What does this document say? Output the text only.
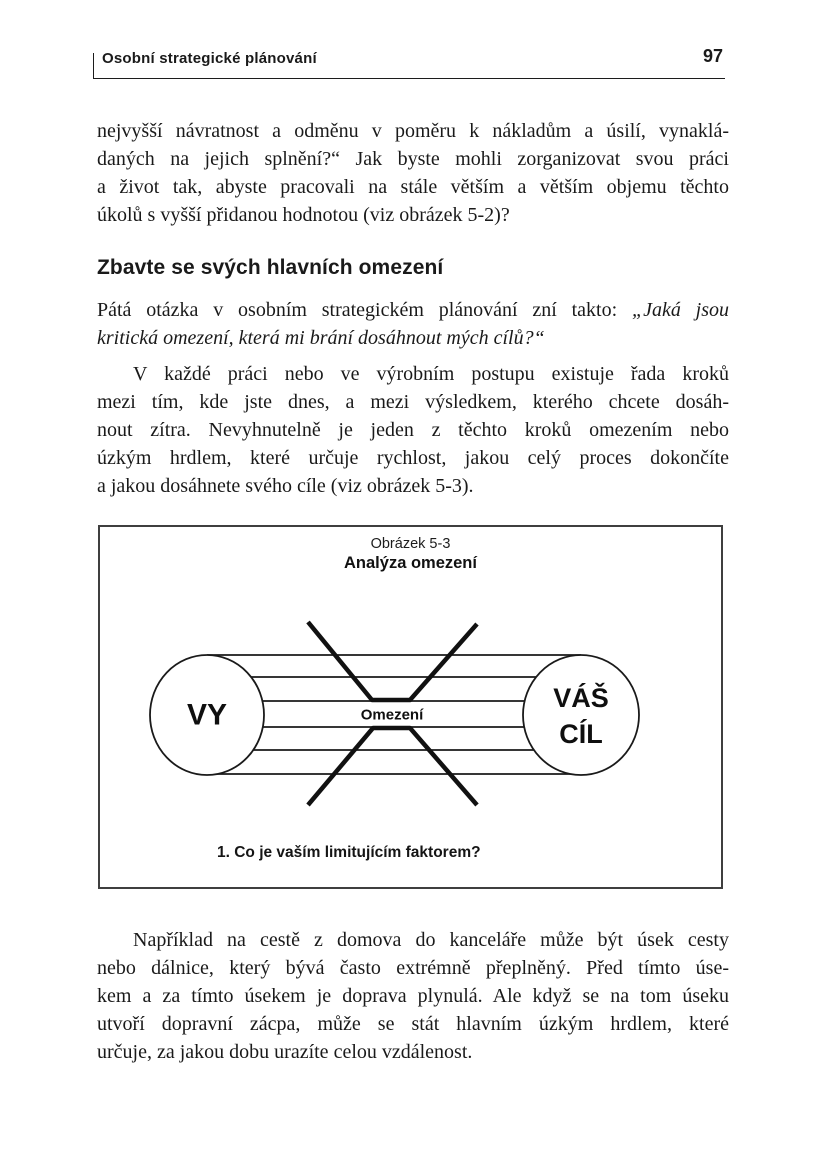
Osobní strategické plánování	97
nejvyšší návratnost a odměnu v poměru k nákladům a úsilí, vynaklá-
daných na jejich splnění?“ Jak byste mohli zorganizovat svou práci
a život tak, abyste pracovali na stále větším a větším objemu těchto
úkolů s vyšší přidanou hodnotou (viz obrázek 5-2)?
Zbavte se svých hlavních omezení
Pátá otázka v osobním strategickém plánování zní takto: „Jaká jsou
kritická omezení, která mi brání dosáhnout mých cílů?“
V každé práci nebo ve výrobním postupu existuje řada kroků
mezi tím, kde jste dnes, a mezi výsledkem, kterého chcete dosáh-
nout zítra. Nevyhnutelně je jeden z těchto kroků omezením nebo
úzkým hrdlem, které určuje rychlost, jakou celý proces dokončíte
a jakou dosáhnete svého cíle (viz obrázek 5-3).
Obrázek 5-3
Analýza omezení
VY
VÁŠ
CÍL
Omezení
1. Co je vaším limitujícím faktorem?
Například na cestě z domova do kanceláře může být úsek cesty
nebo dálnice, který bývá často extrémně přeplněný. Před tímto úse-
kem a za tímto úsekem je doprava plynulá. Ale když se na tom úseku
utvoří dopravní zácpa, může se stát hlavním úzkým hrdlem, které
určuje, za jakou dobu urazíte celou vzdálenost.
